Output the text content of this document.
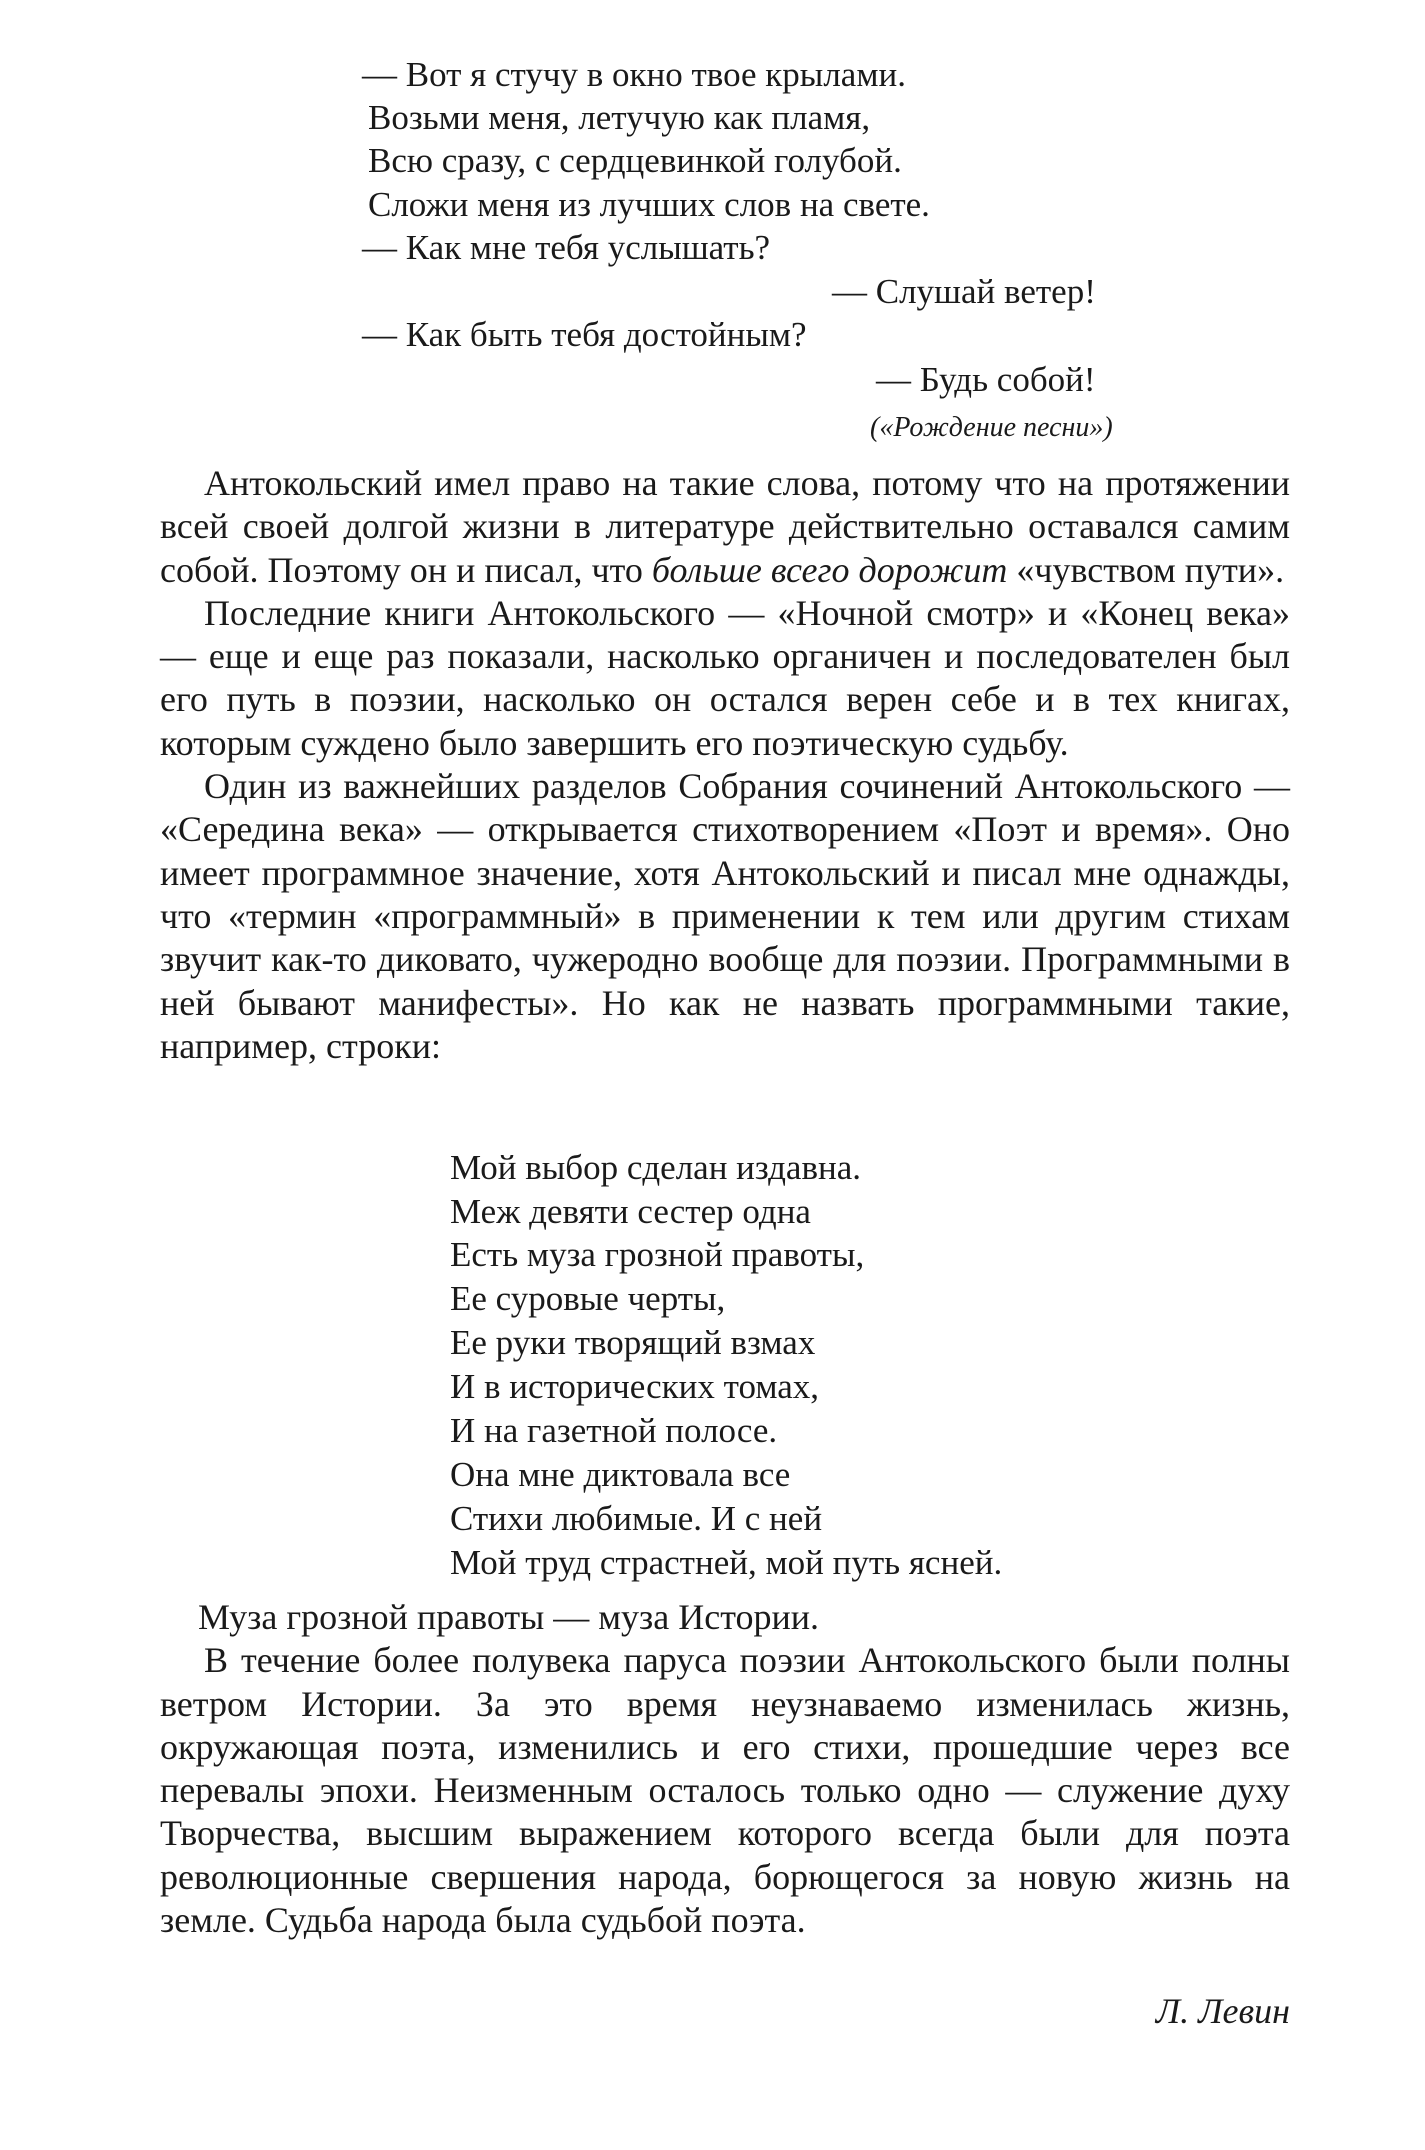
— Вот я стучу в окно твое крылами.
Возьми меня, летучую как пламя,
Всю сразу, с сердцевинкой голубой.
Сложи меня из лучших слов на свете.
— Как мне тебя услышать?
— Слушай ветер!
— Как быть тебя достойным?
— Будь собой!
(«Рождение песни»)

Антокольский имел право на такие слова, потому что на протяжении всей своей долгой жизни в литературе действительно оставался самим собой. Поэтому он и писал, что больше всего дорожит «чувством пути».

Последние книги Антокольского — «Ночной смотр» и «Конец века» — еще и еще раз показали, насколько органичен и последователен был его путь в поэзии, насколько он остался верен себе и в тех книгах, которым суждено было завершить его поэтическую судьбу.

Один из важнейших разделов Собрания сочинений Антокольского — «Середина века» — открывается стихотворением «Поэт и время». Оно имеет программное значение, хотя Антокольский и писал мне однажды, что «термин «программный» в применении к тем или другим стихам звучит как-то диковато, чужеродно вообще для поэзии. Программными в ней бывают манифесты». Но как не назвать программными такие, например, строки:

Мой выбор сделан издавна.
Меж девяти сестер одна
Есть муза грозной правоты,
Ее суровые черты,
Ее руки творящий взмах
И в исторических томах,
И на газетной полосе.
Она мне диктовала все
Стихи любимые. И с ней
Мой труд страстней, мой путь ясней.

Муза грозной правоты — муза Истории.

В течение более полувека паруса поэзии Антокольского были полны ветром Истории. За это время неузнаваемо изменилась жизнь, окружающая поэта, изменились и его стихи, прошедшие через все перевалы эпохи. Неизменным осталось только одно — служение духу Творчества, высшим выражением которого всегда были для поэта революционные свершения народа, борющегося за новую жизнь на земле. Судьба народа была судьбой поэта.

Л. Левин
